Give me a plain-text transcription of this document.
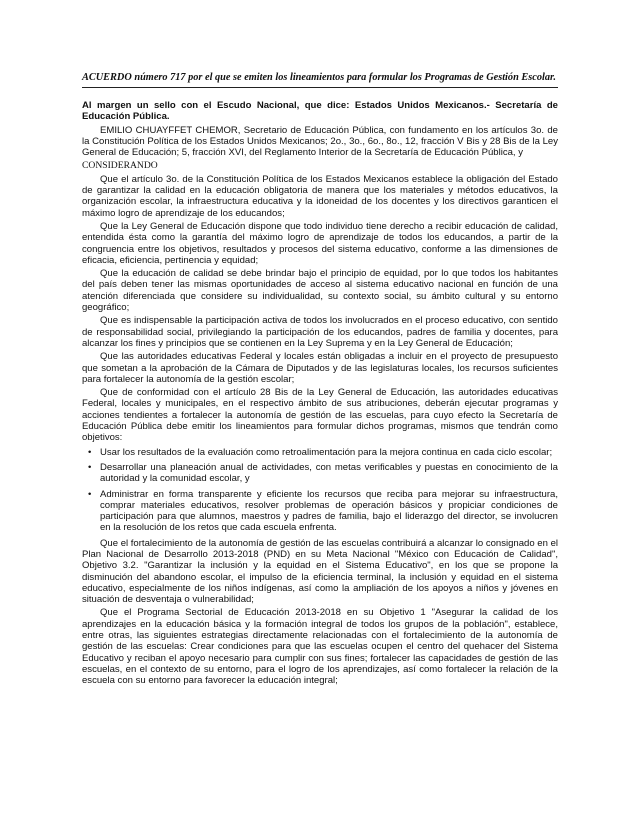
ACUERDO número 717 por el que se emiten los lineamientos para formular los Programas de Gestión Escolar.

Al margen un sello con el Escudo Nacional, que dice: Estados Unidos Mexicanos.- Secretaría de Educación Pública.

EMILIO CHUAYFFET CHEMOR, Secretario de Educación Pública, con fundamento en los artículos 3o. de la Constitución Política de los Estados Unidos Mexicanos; 2o., 3o., 6o., 8o., 12, fracción V Bis y 28 Bis de la Ley General de Educación; 5, fracción XVI, del Reglamento Interior de la Secretaría de Educación Pública, y

CONSIDERANDO

Que el artículo 3o. de la Constitución Política de los Estados Mexicanos establece la obligación del Estado de garantizar la calidad en la educación obligatoria de manera que los materiales y métodos educativos, la organización escolar, la infraestructura educativa y la idoneidad de los docentes y los directivos garanticen el máximo logro de aprendizaje de los educandos;

Que la Ley General de Educación dispone que todo individuo tiene derecho a recibir educación de calidad, entendida ésta como la garantía del máximo logro de aprendizaje de todos los educandos, a partir de la congruencia entre los objetivos, resultados y procesos del sistema educativo, conforme a las dimensiones de eficacia, eficiencia, pertinencia y equidad;

Que la educación de calidad se debe brindar bajo el principio de equidad, por lo que todos los habitantes del país deben tener las mismas oportunidades de acceso al sistema educativo nacional en función de una atención diferenciada que considere su individualidad, su contexto social, su ámbito cultural y su entorno geográfico;

Que es indispensable la participación activa de todos los involucrados en el proceso educativo, con sentido de responsabilidad social, privilegiando la participación de los educandos, padres de familia y docentes, para alcanzar los fines y principios que se contienen en la Ley Suprema y en la Ley General de Educación;

Que las autoridades educativas Federal y locales están obligadas a incluir en el proyecto de presupuesto que sometan a la aprobación de la Cámara de Diputados y de las legislaturas locales, los recursos suficientes para fortalecer la autonomía de la gestión escolar;

Que de conformidad con el artículo 28 Bis de la Ley General de Educación, las autoridades educativas Federal, locales y municipales, en el respectivo ámbito de sus atribuciones, deberán ejecutar programas y acciones tendientes a fortalecer la autonomía de gestión de las escuelas, para cuyo efecto la Secretaría de Educación Pública debe emitir los lineamientos para formular dichos programas, mismos que tendrán como objetivos:

• Usar los resultados de la evaluación como retroalimentación para la mejora continua en cada ciclo escolar;
• Desarrollar una planeación anual de actividades, con metas verificables y puestas en conocimiento de la autoridad y la comunidad escolar, y
• Administrar en forma transparente y eficiente los recursos que reciba para mejorar su infraestructura, comprar materiales educativos, resolver problemas de operación básicos y propiciar condiciones de participación para que alumnos, maestros y padres de familia, bajo el liderazgo del director, se involucren en la resolución de los retos que cada escuela enfrenta.

Que el fortalecimiento de la autonomía de gestión de las escuelas contribuirá a alcanzar lo consignado en el Plan Nacional de Desarrollo 2013-2018 (PND) en su Meta Nacional "México con Educación de Calidad", Objetivo 3.2. "Garantizar la inclusión y la equidad en el Sistema Educativo", en los que se propone la disminución del abandono escolar, el impulso de la eficiencia terminal, la inclusión y equidad en el sistema educativo, especialmente de los niños indígenas, así como la ampliación de los apoyos a niños y jóvenes en situación de desventaja o vulnerabilidad;

Que el Programa Sectorial de Educación 2013-2018 en su Objetivo 1 "Asegurar la calidad de los aprendizajes en la educación básica y la formación integral de todos los grupos de la población", establece, entre otras, las siguientes estrategias directamente relacionadas con el fortalecimiento de la autonomía de gestión de las escuelas: Crear condiciones para que las escuelas ocupen el centro del quehacer del Sistema Educativo y reciban el apoyo necesario para cumplir con sus fines; fortalecer las capacidades de gestión de las escuelas, en el contexto de su entorno, para el logro de los aprendizajes, así como fortalecer la relación de la escuela con su entorno para favorecer la educación integral;
